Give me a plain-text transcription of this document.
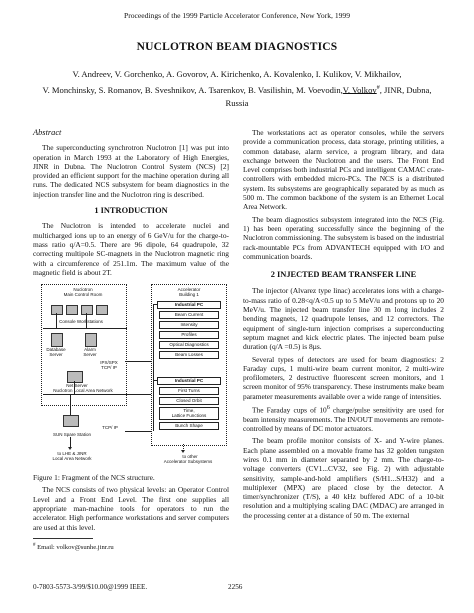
Proceedings of the 1999 Particle Accelerator Conference, New York, 1999
NUCLOTRON BEAM DIAGNOSTICS
V. Andreev, V. Gorchenko, A. Govorov, A. Kirichenko, A. Kovalenko, I. Kulikov, V. Mikhailov,
V. Monchinsky, S. Romanov, B. Sveshnikov, A. Tsarenkov, B. Vasilishin, M. Voevodin,V. Volkov#, JINR, Dubna, Russia
Abstract

The superconducting synchrotron Nuclotron [1] was put into operation in March 1993 at the Laboratory of High Energies, JINR in Dubna. The Nuclotron Control System (NCS) [2] provided an efficient support for the machine operation during all runs. The dedicated NCS subsystem for beam diagnostics in the injection transfer line and the Nuclotron ring is described.

1 INTRODUCTION

The Nuclotron is intended to accelerate nuclei and multicharged ions up to an energy of 6 GeV/u for the charge-to-mass ratio q/A=0.5. There are 96 dipole, 64 quadrupole, 32 correcting multipole SC-magnets in the Nuclotron magnetic ring with a circumference of 251.1m. The maximum value of the magnetic field is about 2T.

Nuclotron
Main Control Room
Console Workstations
Database
Server
Alarm
Server
IPX/SPX
TCP/ IP
Net Server
Nuclotron Local Area Network
TCP/ IP
SUN Spare Station
to LHE & JINR
Local Area Network
Accelerator
Building 1
Industrial PC
Beam Current
Intensity
Profiles
Optical Diagnostics
Beam Losses
Industrial PC
First Turns
Closed Orbit
Time,
Lattice Functions
Bunch Shape
to other
Accelerator Subsystems

Figure 1: Fragment of the NCS structure.

The NCS consists of two physical levels: an Operator Control Level and a Front End Level. The first one supplies all appropriate man-machine tools for operators to run the accelerator. High performance workstations and server computers are used at this level.

# Email: volkov@sunhe.jinr.ru

The workstations act as operator consoles, while the servers provide a communication process, data storage, printing utilities, a common database, alarm service, a program library, and data exchange between the Nuclotron and the users. The Front End Level comprises both industrial PCs and intelligent CAMAC crate-controllers with embedded micro-PCs. The NCS is a distributed system. Its subsystems are geographically separated by as much as 500 m. The common backbone of the system is an Ethernet Local Area Network.

The beam diagnostics subsystem integrated into the NCS (Fig. 1) has been operating successfully since the beginning of the Nuclotron commissioning. The subsystem is based on the industrial rack-mountable PCs from ADVANTECH equipped with I/O and communication boards.

2 INJECTED BEAM TRANSFER LINE

The injector (Alvarez type linac) accelerates ions with a charge-to-mass ratio of 0.28<q/A<0.5 up to 5 MeV/u and protons up to 20 MeV/u. The injected beam transfer line 30 m long includes 2 bending magnets, 12 quadrupole lenses, and 12 correctors. The equipment of single-turn injection comprises a superconducting septum magnet and kick electric plates. The injected beam pulse duration (q/A =0.5) is 8µs.

Several types of detectors are used for beam diagnostics: 2 Faraday cups, 1 multi-wire beam current monitor, 2 multi-wire profilometers, 2 destructive fluorescent screen monitors, and 1 screen monitor of 95% transparency. These instruments make beam parameter measurements available over a wide range of intensities.

The Faraday cups of $10^6$ charge/pulse sensitivity are used for beam intensity measurements. The IN/OUT movements are remote-controlled by means of DC motor actuators.

The beam profile monitor consists of X- and Y-wire planes. Each plane assembled on a movable frame has 32 golden tungsten wires 0.1 mm in diameter separated by 2 mm. The charge-to-voltage converters (CV1...CV32, see Fig. 2) with adjustable sensitivity, sample-and-hold amplifiers (S/H1...S/H32) and a multiplexer (MPX) are placed close by the detector. A timer/synchronizer (T/S), a 40 kHz buffered ADC of a 10-bit resolution and a multiplying scaling DAC (MDAC) are arranged in the processing center at a distance of 50 m. The external

0-7803-5573-3/99/$10.00@1999 IEEE.	2256
